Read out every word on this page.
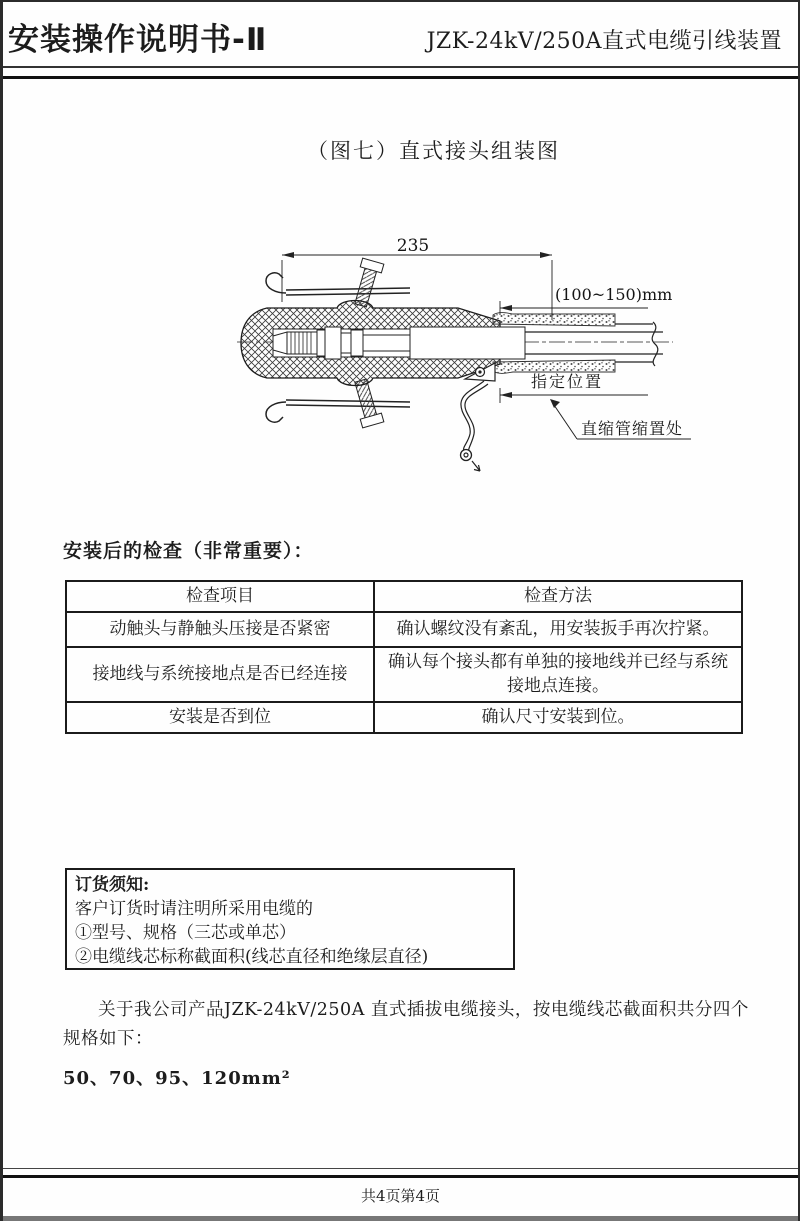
安装操作说明书-Ⅱ	JZK-24kV/250A直式电缆引线装置
（图七）直式接头组装图
235
(100~150)mm
指定位置
直缩管缩置处
安装后的检查（非常重要）：
检查项目	检查方法
动触头与静触头压接是否紧密	确认螺纹没有紊乱，用安装扳手再次拧紧。
接地线与系统接地点是否已经连接	确认每个接头都有单独的接地线并已经与系统接地点连接。
安装是否到位	确认尺寸安装到位。
订货须知:
客户订货时请注明所采用电缆的
①型号、规格（三芯或单芯）
②电缆线芯标称截面积(线芯直径和绝缘层直径)
关于我公司产品JZK-24kV/250A 直式插拔电缆接头，按电缆线芯截面积共分四个规格如下：
50、70、95、120mm²
共4页第4页
